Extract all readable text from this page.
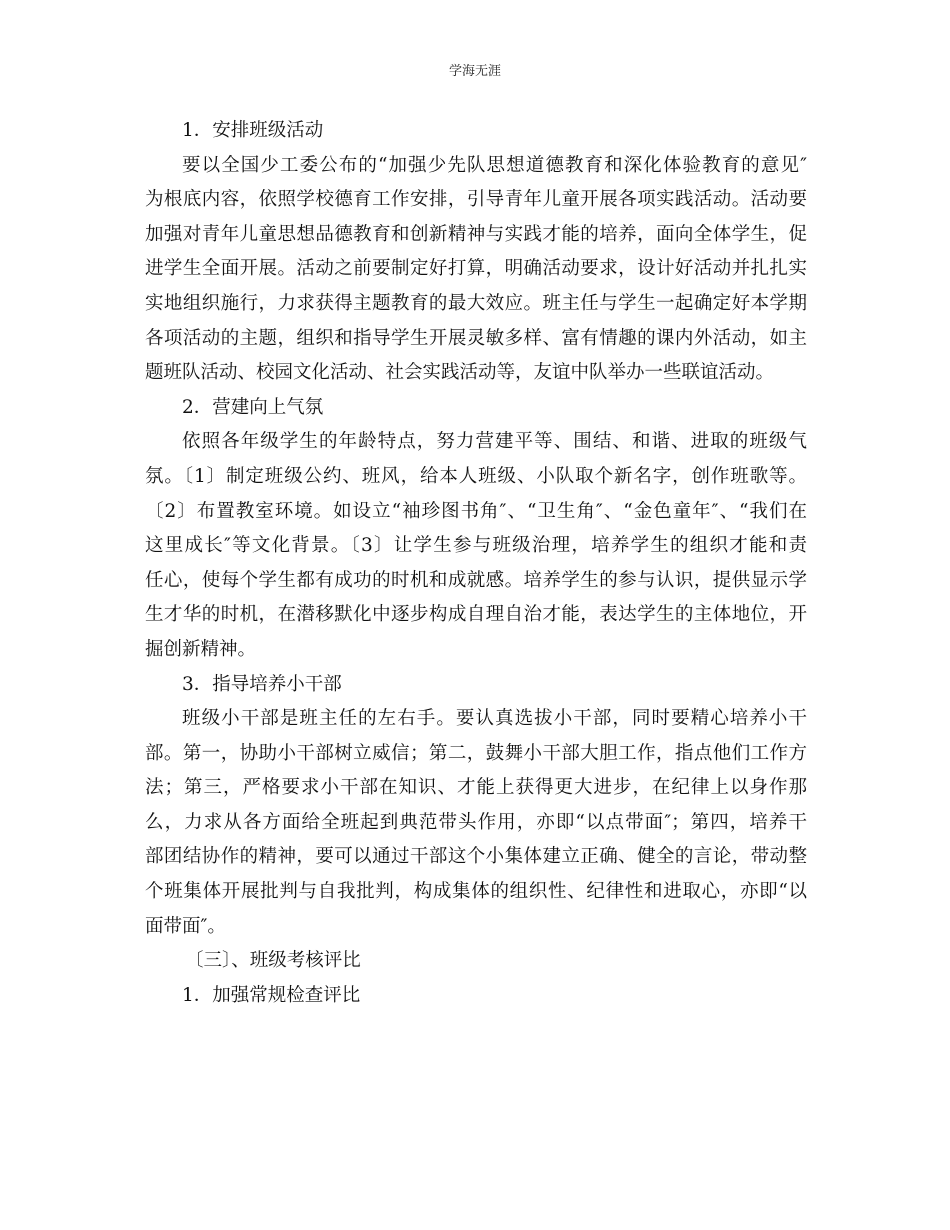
学海无涯
1．安排班级活动
要以全国少工委公布的“加强少先队思想道德教育和深化体验教育的意见″
为根底内容，依照学校德育工作安排，引导青年儿童开展各项实践活动。活动要
加强对青年儿童思想品德教育和创新精神与实践才能的培养，面向全体学生，促
进学生全面开展。活动之前要制定好打算，明确活动要求，设计好活动并扎扎实
实地组织施行，力求获得主题教育的最大效应。班主任与学生一起确定好本学期
各项活动的主题，组织和指导学生开展灵敏多样、富有情趣的课内外活动，如主
题班队活动、校园文化活动、社会实践活动等，友谊中队举办一些联谊活动。
2．营建向上气氛
依照各年级学生的年龄特点，努力营建平等、围结、和谐、进取的班级气
氛。〔1〕制定班级公约、班风，给本人班级、小队取个新名字，创作班歌等。
〔2〕布置教室环境。如设立“袖珍图书角″、“卫生角″、“金色童年″、“我们在
这里成长″等文化背景。〔3〕让学生参与班级治理，培养学生的组织才能和责
任心，使每个学生都有成功的时机和成就感。培养学生的参与认识，提供显示学
生才华的时机，在潜移默化中逐步构成自理自治才能，表达学生的主体地位，开
掘创新精神。
3．指导培养小干部
班级小干部是班主任的左右手。要认真选拔小干部，同时要精心培养小干
部。第一，协助小干部树立威信；第二，鼓舞小干部大胆工作，指点他们工作方
法；第三，严格要求小干部在知识、才能上获得更大进步，在纪律上以身作那
么，力求从各方面给全班起到典范带头作用，亦即“以点带面″；第四，培养干
部团结协作的精神，要可以通过干部这个小集体建立正确、健全的言论，带动整
个班集体开展批判与自我批判，构成集体的组织性、纪律性和进取心，亦即“以
面带面″。
〔三〕、班级考核评比
1．加强常规检查评比
